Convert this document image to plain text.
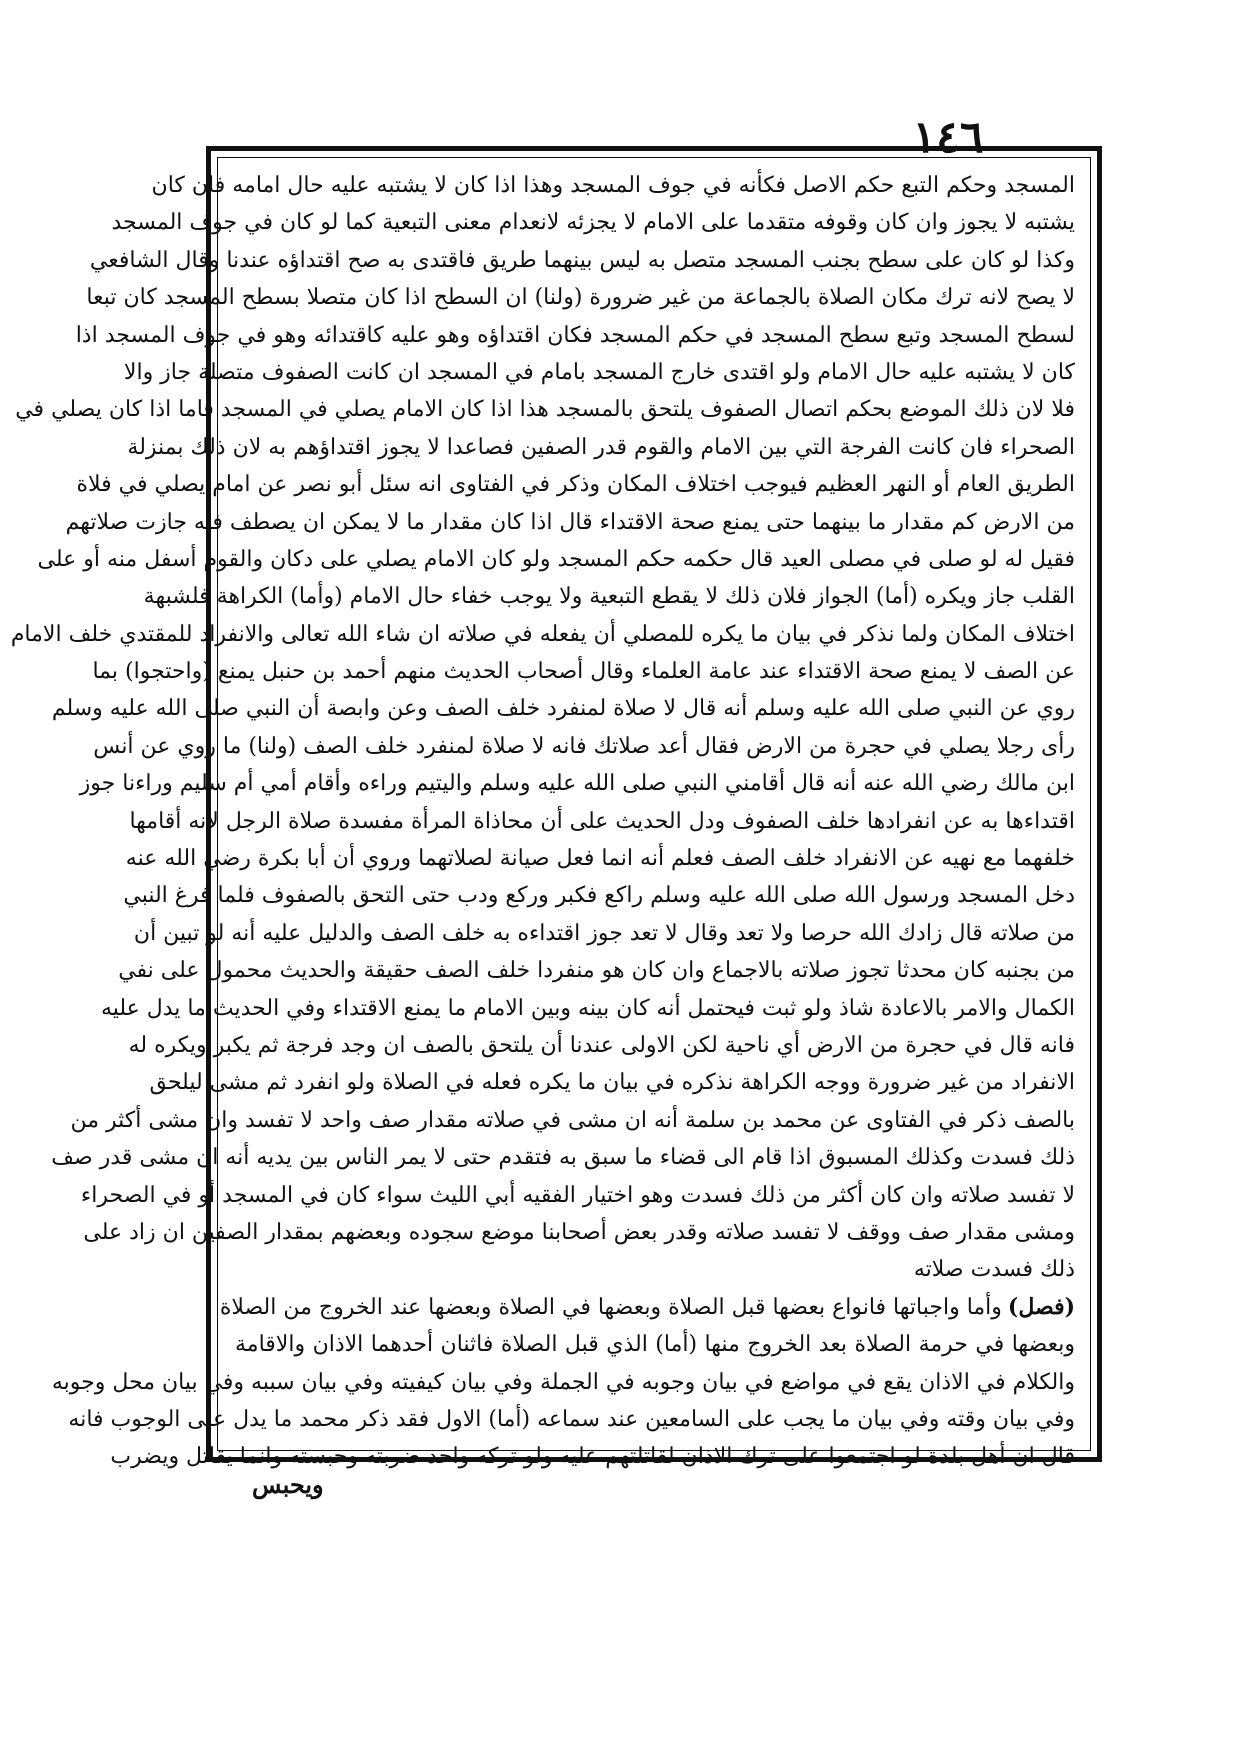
١٤٦
المسجد وحكم التبع حكم الاصل فكأنه في جوف المسجد وهذا اذا كان لا يشتبه عليه حال امامه فان كان
يشتبه لا يجوز وان كان وقوفه متقدما على الامام لا يجزئه لانعدام معنى التبعية كما لو كان في جوف المسجد
وكذا لو كان على سطح بجنب المسجد متصل به ليس بينهما طريق فاقتدى به صح اقتداؤه عندنا وقال الشافعي
لا يصح لانه ترك مكان الصلاة بالجماعة من غير ضرورة (ولنا) ان السطح اذا كان متصلا بسطح المسجد كان تبعا
لسطح المسجد وتبع سطح المسجد في حكم المسجد فكان اقتداؤه وهو عليه كاقتدائه وهو في جوف المسجد اذا
كان لا يشتبه عليه حال الامام ولو اقتدى خارج المسجد بامام في المسجد ان كانت الصفوف متصلة جاز والا
فلا لان ذلك الموضع بحكم اتصال الصفوف يلتحق بالمسجد هذا اذا كان الامام يصلي في المسجد فاما اذا كان يصلي في
الصحراء فان كانت الفرجة التي بين الامام والقوم قدر الصفين فصاعدا لا يجوز اقتداؤهم به لان ذلك بمنزلة
الطريق العام أو النهر العظيم فيوجب اختلاف المكان وذكر في الفتاوى انه سئل أبو نصر عن امام يصلي في فلاة
من الارض كم مقدار ما بينهما حتى يمنع صحة الاقتداء قال اذا كان مقدار ما لا يمكن ان يصطف فيه جازت صلاتهم
فقيل له لو صلى في مصلى العيد قال حكمه حكم المسجد ولو كان الامام يصلي على دكان والقوم أسفل منه أو على
القلب جاز ويكره (أما) الجواز فلان ذلك لا يقطع التبعية ولا يوجب خفاء حال الامام (وأما) الكراهة فلشبهة
اختلاف المكان ولما نذكر في بيان ما يكره للمصلي أن يفعله في صلاته ان شاء الله تعالى والانفراد للمقتدي خلف الامام
عن الصف لا يمنع صحة الاقتداء عند عامة العلماء وقال أصحاب الحديث منهم أحمد بن حنبل يمنع (واحتجوا) بما
روي عن النبي صلى الله عليه وسلم أنه قال لا صلاة لمنفرد خلف الصف وعن وابصة أن النبي صلى الله عليه وسلم
رأى رجلا يصلي في حجرة من الارض فقال أعد صلاتك فانه لا صلاة لمنفرد خلف الصف (ولنا) ما روي عن أنس
ابن مالك رضي الله عنه أنه قال أقامني النبي صلى الله عليه وسلم واليتيم وراءه وأقام أمي أم سليم وراءنا جوز
اقتداءها به عن انفرادها خلف الصفوف ودل الحديث على أن محاذاة المرأة مفسدة صلاة الرجل لانه أقامها
خلفهما مع نهيه عن الانفراد خلف الصف فعلم أنه انما فعل صيانة لصلاتهما وروي أن أبا بكرة رضي الله عنه
دخل المسجد ورسول الله صلى الله عليه وسلم راكع فكبر وركع ودب حتى التحق بالصفوف فلما فرغ النبي
من صلاته قال زادك الله حرصا ولا تعد وقال لا تعد جوز اقتداءه به خلف الصف والدليل عليه أنه لو تبين أن
من بجنبه كان محدثا تجوز صلاته بالاجماع وان كان هو منفردا خلف الصف حقيقة والحديث محمول على نفي
الكمال والامر بالاعادة شاذ ولو ثبت فيحتمل أنه كان بينه وبين الامام ما يمنع الاقتداء وفي الحديث ما يدل عليه
فانه قال في حجرة من الارض أي ناحية لكن الاولى عندنا أن يلتحق بالصف ان وجد فرجة ثم يكبر ويكره له
الانفراد من غير ضرورة ووجه الكراهة نذكره في بيان ما يكره فعله في الصلاة ولو انفرد ثم مشى ليلحق
بالصف ذكر في الفتاوى عن محمد بن سلمة أنه ان مشى في صلاته مقدار صف واحد لا تفسد وان مشى أكثر من
ذلك فسدت وكذلك المسبوق اذا قام الى قضاء ما سبق به فتقدم حتى لا يمر الناس بين يديه أنه ان مشى قدر صف
لا تفسد صلاته وان كان أكثر من ذلك فسدت وهو اختيار الفقيه أبي الليث سواء كان في المسجد أو في الصحراء
ومشى مقدار صف ووقف لا تفسد صلاته وقدر بعض أصحابنا موضع سجوده وبعضهم بمقدار الصفين ان زاد على
ذلك فسدت صلاته
(فصل)وأما واجباتها فانواع بعضها قبل الصلاة وبعضها في الصلاة وبعضها عند الخروج من الصلاة
وبعضها في حرمة الصلاة بعد الخروج منها (أما) الذي قبل الصلاة فاثنان أحدهما الاذان والاقامة
والكلام في الاذان يقع في مواضع في بيان وجوبه في الجملة وفي بيان كيفيته وفي بيان سببه وفي بيان محل وجوبه
وفي بيان وقته وفي بيان ما يجب على السامعين عند سماعه (أما) الاول فقد ذكر محمد ما يدل على الوجوب فانه
قال ان أهل بلدة لو اجتمعوا على ترك الاذان لقاتلتهم عليه ولو تركه واحد ضربته وحبسته وانما يقاتل ويضرب
ويحبس
